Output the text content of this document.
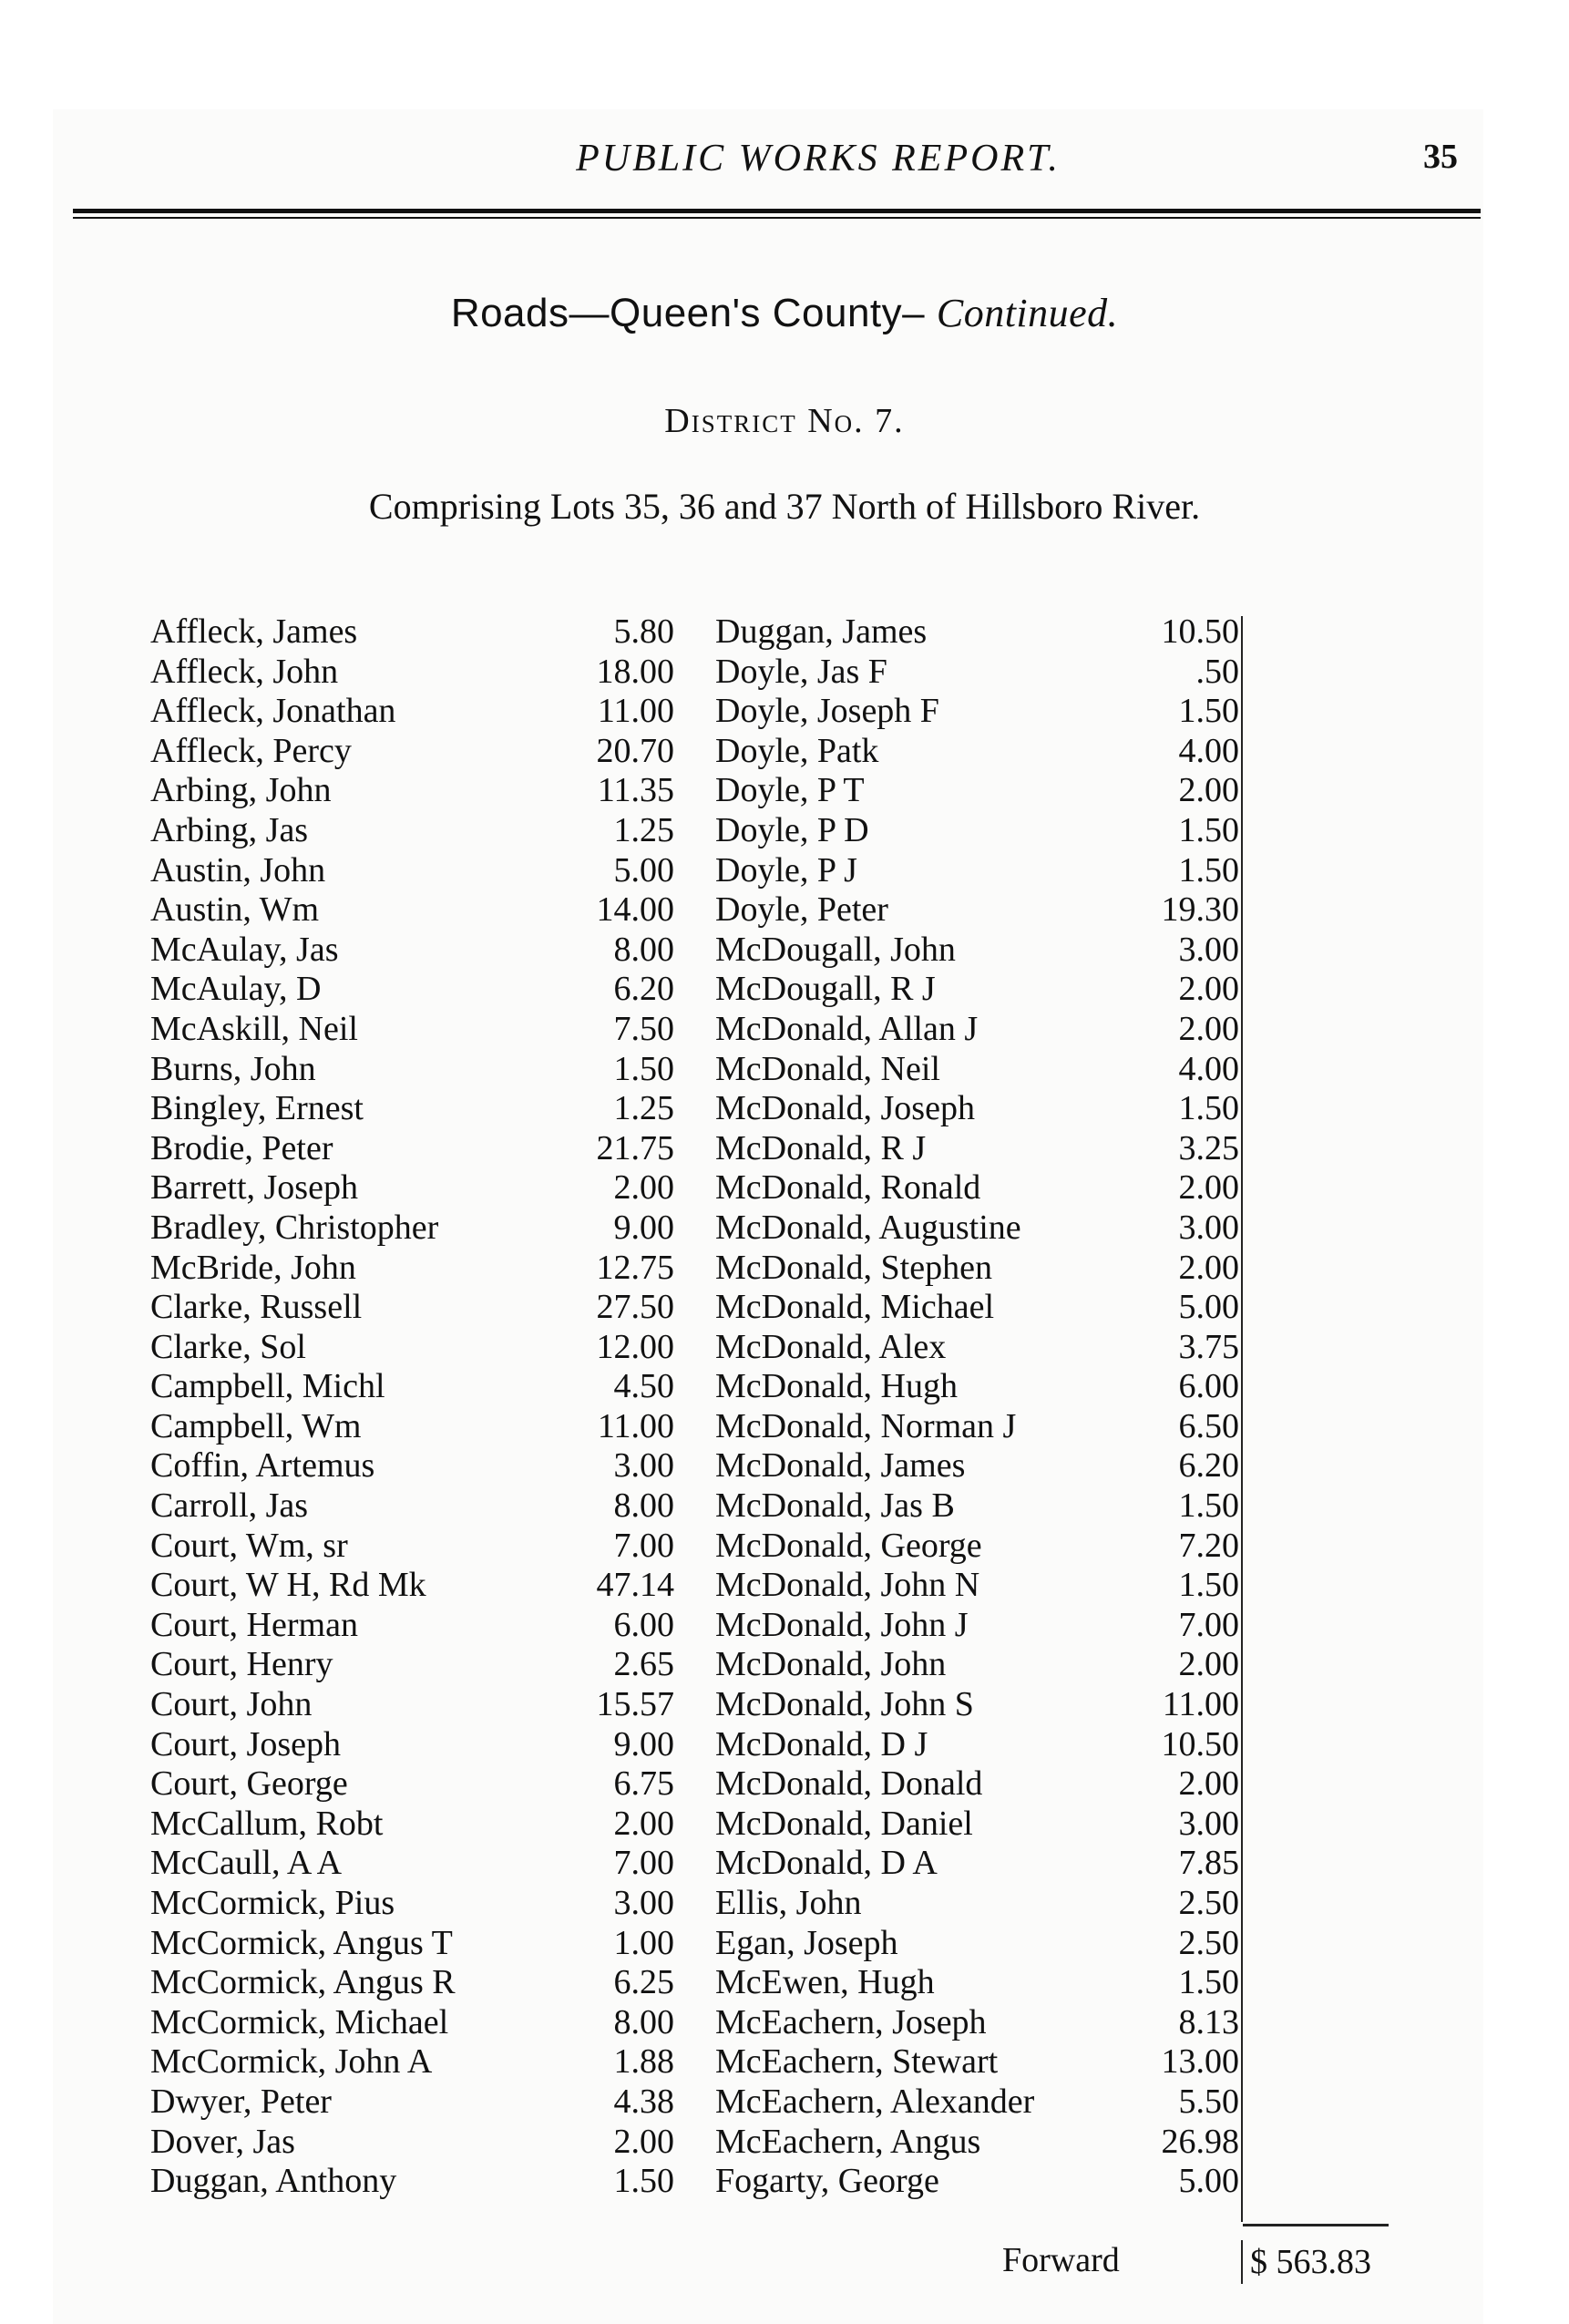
PUBLIC WORKS REPORT.	35
Roads—Queen's County– Continued.
District No. 7.
Comprising Lots 35, 36 and 37 North of Hillsboro River.
Affleck, James	5.80
Affleck, John	18.00
Affleck, Jonathan	11.00
Affleck, Percy	20.70
Arbing, John	11.35
Arbing, Jas	1.25
Austin, John	5.00
Austin, Wm	14.00
McAulay, Jas	8.00
McAulay, D	6.20
McAskill, Neil	7.50
Burns, John	1.50
Bingley, Ernest	1.25
Brodie, Peter	21.75
Barrett, Joseph	2.00
Bradley, Christopher	9.00
McBride, John	12.75
Clarke, Russell	27.50
Clarke, Sol	12.00
Campbell, Michl	4.50
Campbell, Wm	11.00
Coffin, Artemus	3.00
Carroll, Jas	8.00
Court, Wm, sr	7.00
Court, W H, Rd Mk	47.14
Court, Herman	6.00
Court, Henry	2.65
Court, John	15.57
Court, Joseph	9.00
Court, George	6.75
McCallum, Robt	2.00
McCaull, A A	7.00
McCormick, Pius	3.00
McCormick, Angus T	1.00
McCormick, Angus R	6.25
McCormick, Michael	8.00
McCormick, John A	1.88
Dwyer, Peter	4.38
Dover, Jas	2.00
Duggan, Anthony	1.50
Duggan, James	10.50
Doyle, Jas F	.50
Doyle, Joseph F	1.50
Doyle, Patk	4.00
Doyle, P T	2.00
Doyle, P D	1.50
Doyle, P J	1.50
Doyle, Peter	19.30
McDougall, John	3.00
McDougall, R J	2.00
McDonald, Allan J	2.00
McDonald, Neil	4.00
McDonald, Joseph	1.50
McDonald, R J	3.25
McDonald, Ronald	2.00
McDonald, Augustine	3.00
McDonald, Stephen	2.00
McDonald, Michael	5.00
McDonald, Alex	3.75
McDonald, Hugh	6.00
McDonald, Norman J	6.50
McDonald, James	6.20
McDonald, Jas B	1.50
McDonald, George	7.20
McDonald, John N	1.50
McDonald, John J	7.00
McDonald, John	2.00
McDonald, John S	11.00
McDonald, D J	10.50
McDonald, Donald	2.00
McDonald, Daniel	3.00
McDonald, D A	7.85
Ellis, John	2.50
Egan, Joseph	2.50
McEwen, Hugh	1.50
McEachern, Joseph	8.13
McEachern, Stewart	13.00
McEachern, Alexander	5.50
McEachern, Angus	26.98
Fogarty, George	5.00
Forward	$ 563.83
